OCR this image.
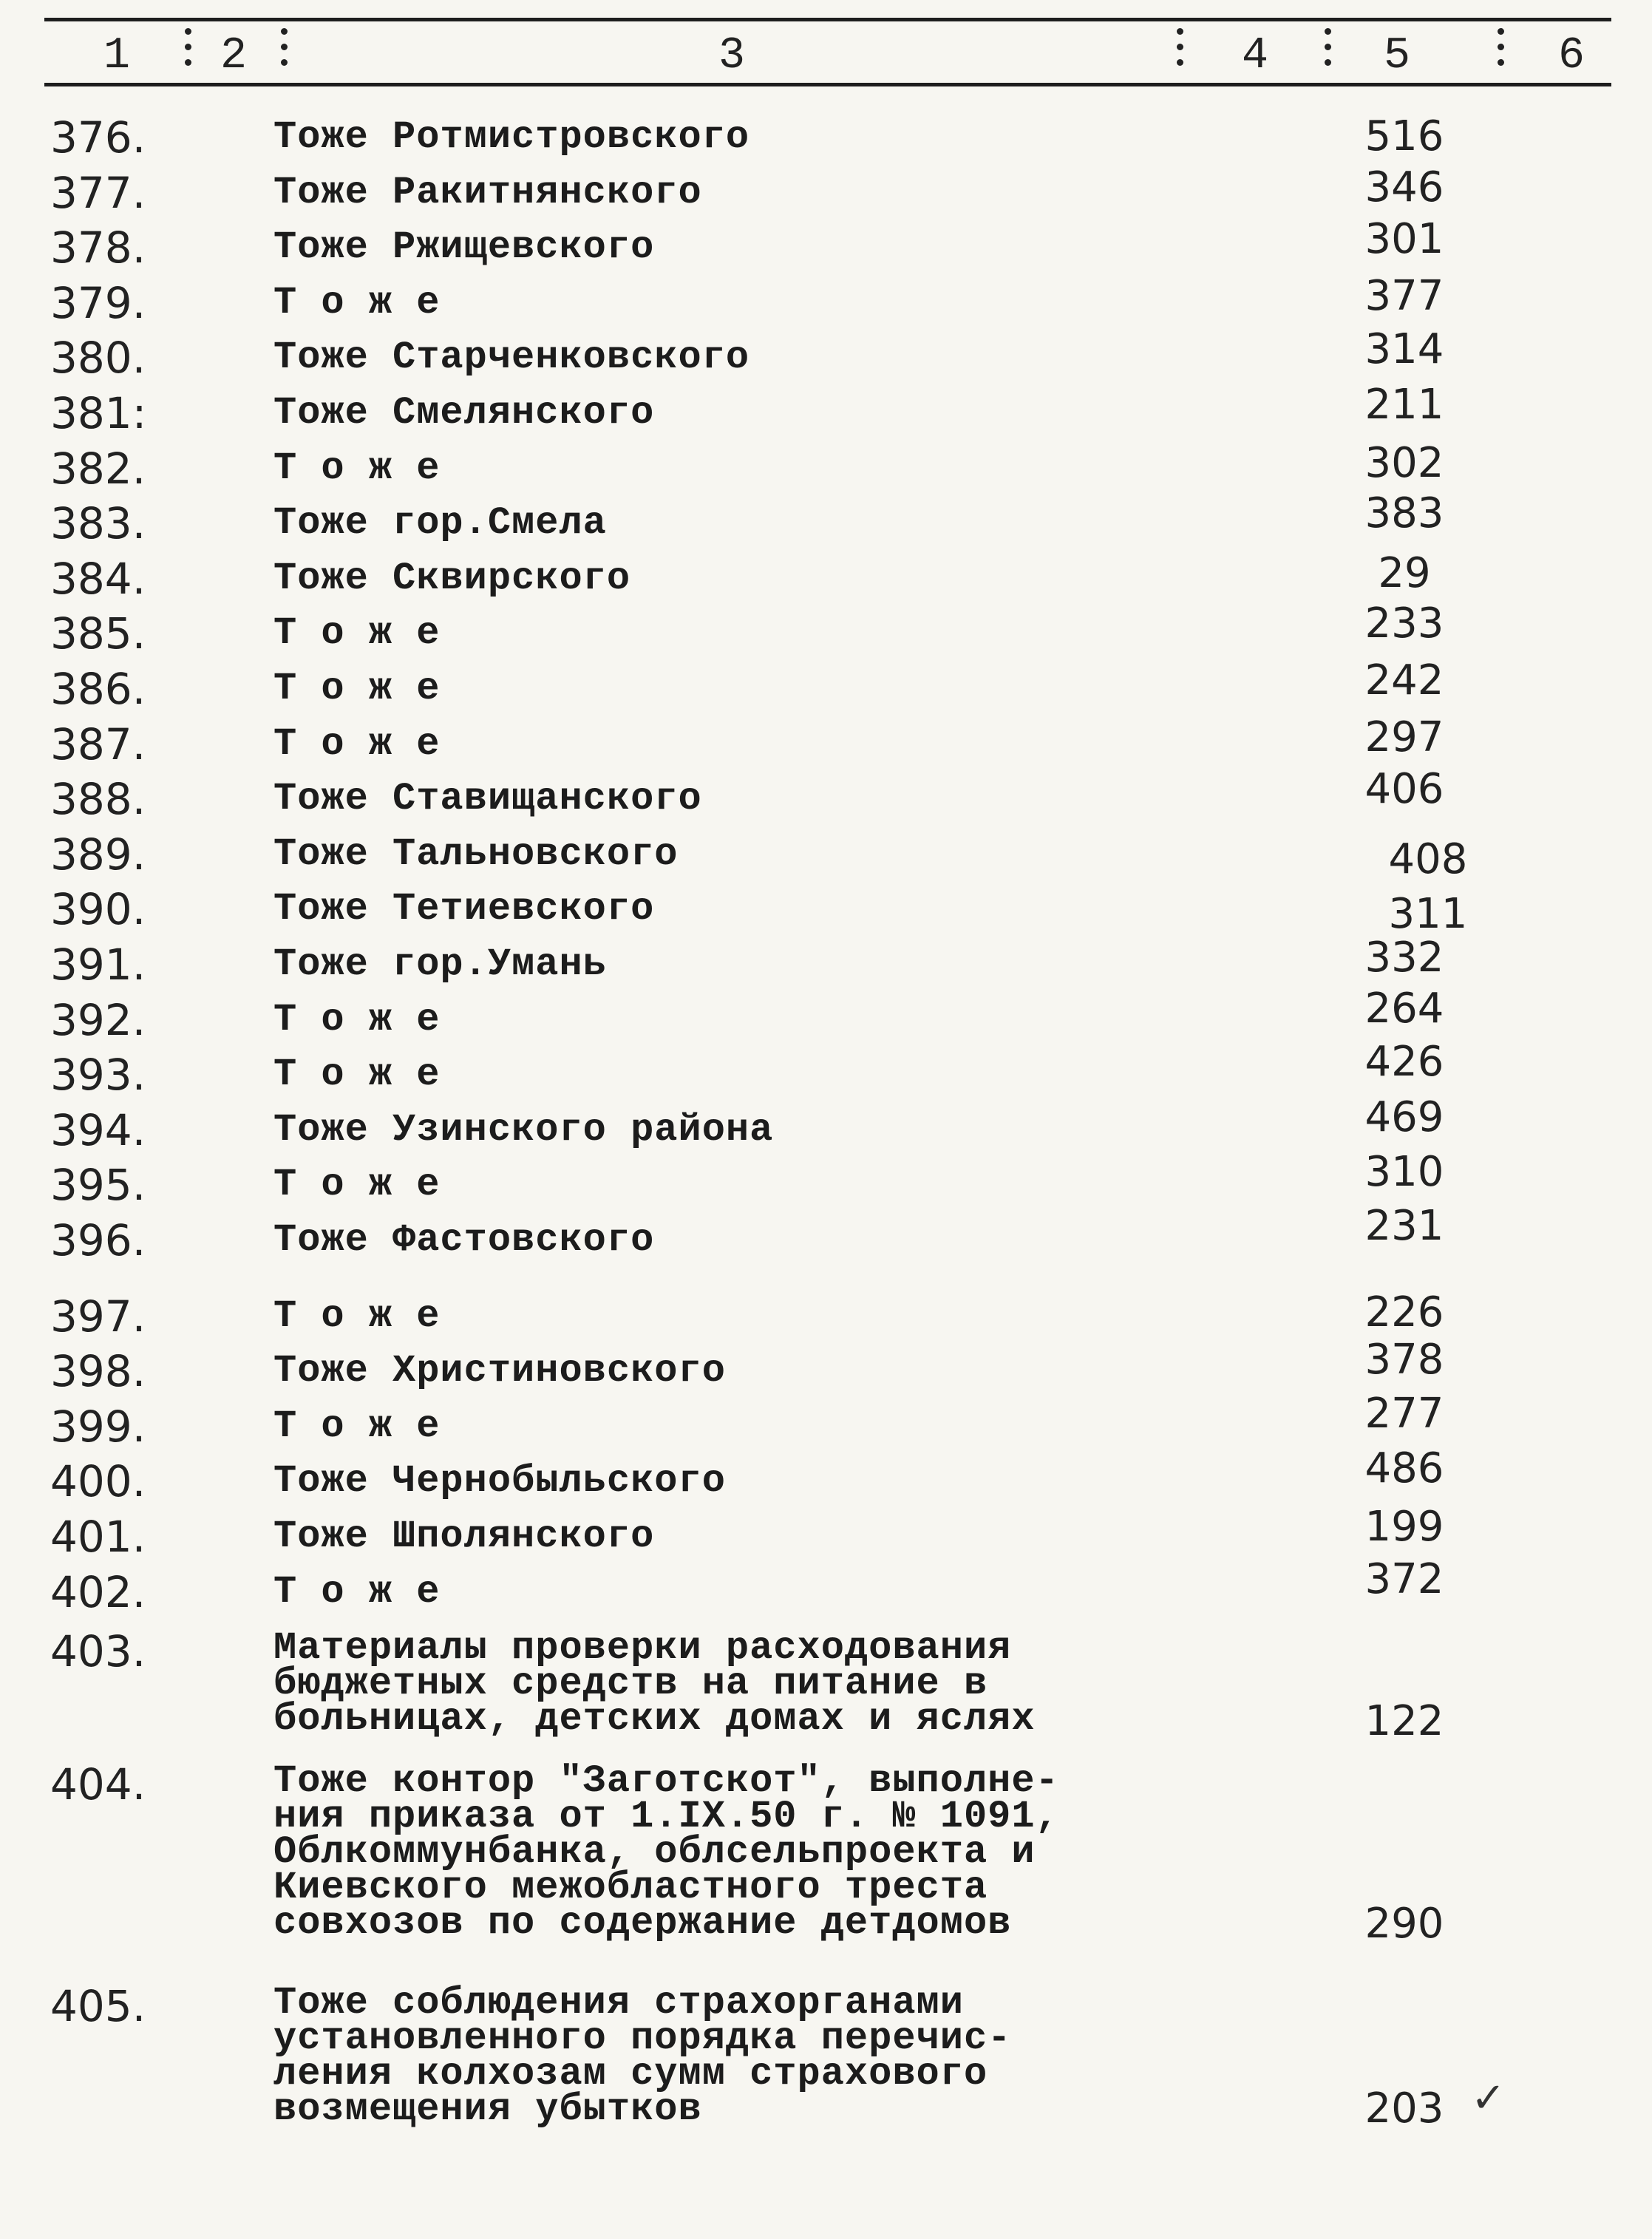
1 2	3	4	5	6
376.	Тоже Ротмистровского	516
377.	Тоже Ракитнянского	346
378.	Тоже Ржищевского	301
379.	Т о ж е	377
380.	Тоже Старченковского	314
381:	Тоже Смелянского	211
382.	Т о ж е	302
383.	Тоже гор.Смела	383
384.	Тоже Сквирского	29
385.	Т о ж е	233
386.	Т о ж е	242
387.	Т о ж е	297
388.	Тоже Ставищанского	406
389.	Тоже Тальновского	408
390.	Тоже Тетиевского	311
391.	Тоже гор.Умань	332
392.	Т о ж е	264
393.	Т о ж е	426
394.	Тоже Узинского района	469
395.	Т о ж е	310
396.	Тоже Фастовского	231
397.	Т о ж е	226
398.	Тоже Христиновского	378
399.	Т о ж е	277
400.	Тоже Чернобыльского	486
401.	Тоже Шполянского	199
402.	Т о ж е	372
403.	Материалы проверки расходования
бюджетных средств на питание в
больницах, детских домах и яслях	122
404.	Тоже контор "Заготскот", выполне-
ния приказа от 1.IX.50 г. № 1091,
Облкоммунбанка, облсельпроекта и
Киевского межобластного треста
совхозов по содержание детдомов	290
405.	Тоже соблюдения страхорганами
установленного порядка перечис-
ления колхозам сумм страхового
возмещения убытков	203 ✓
